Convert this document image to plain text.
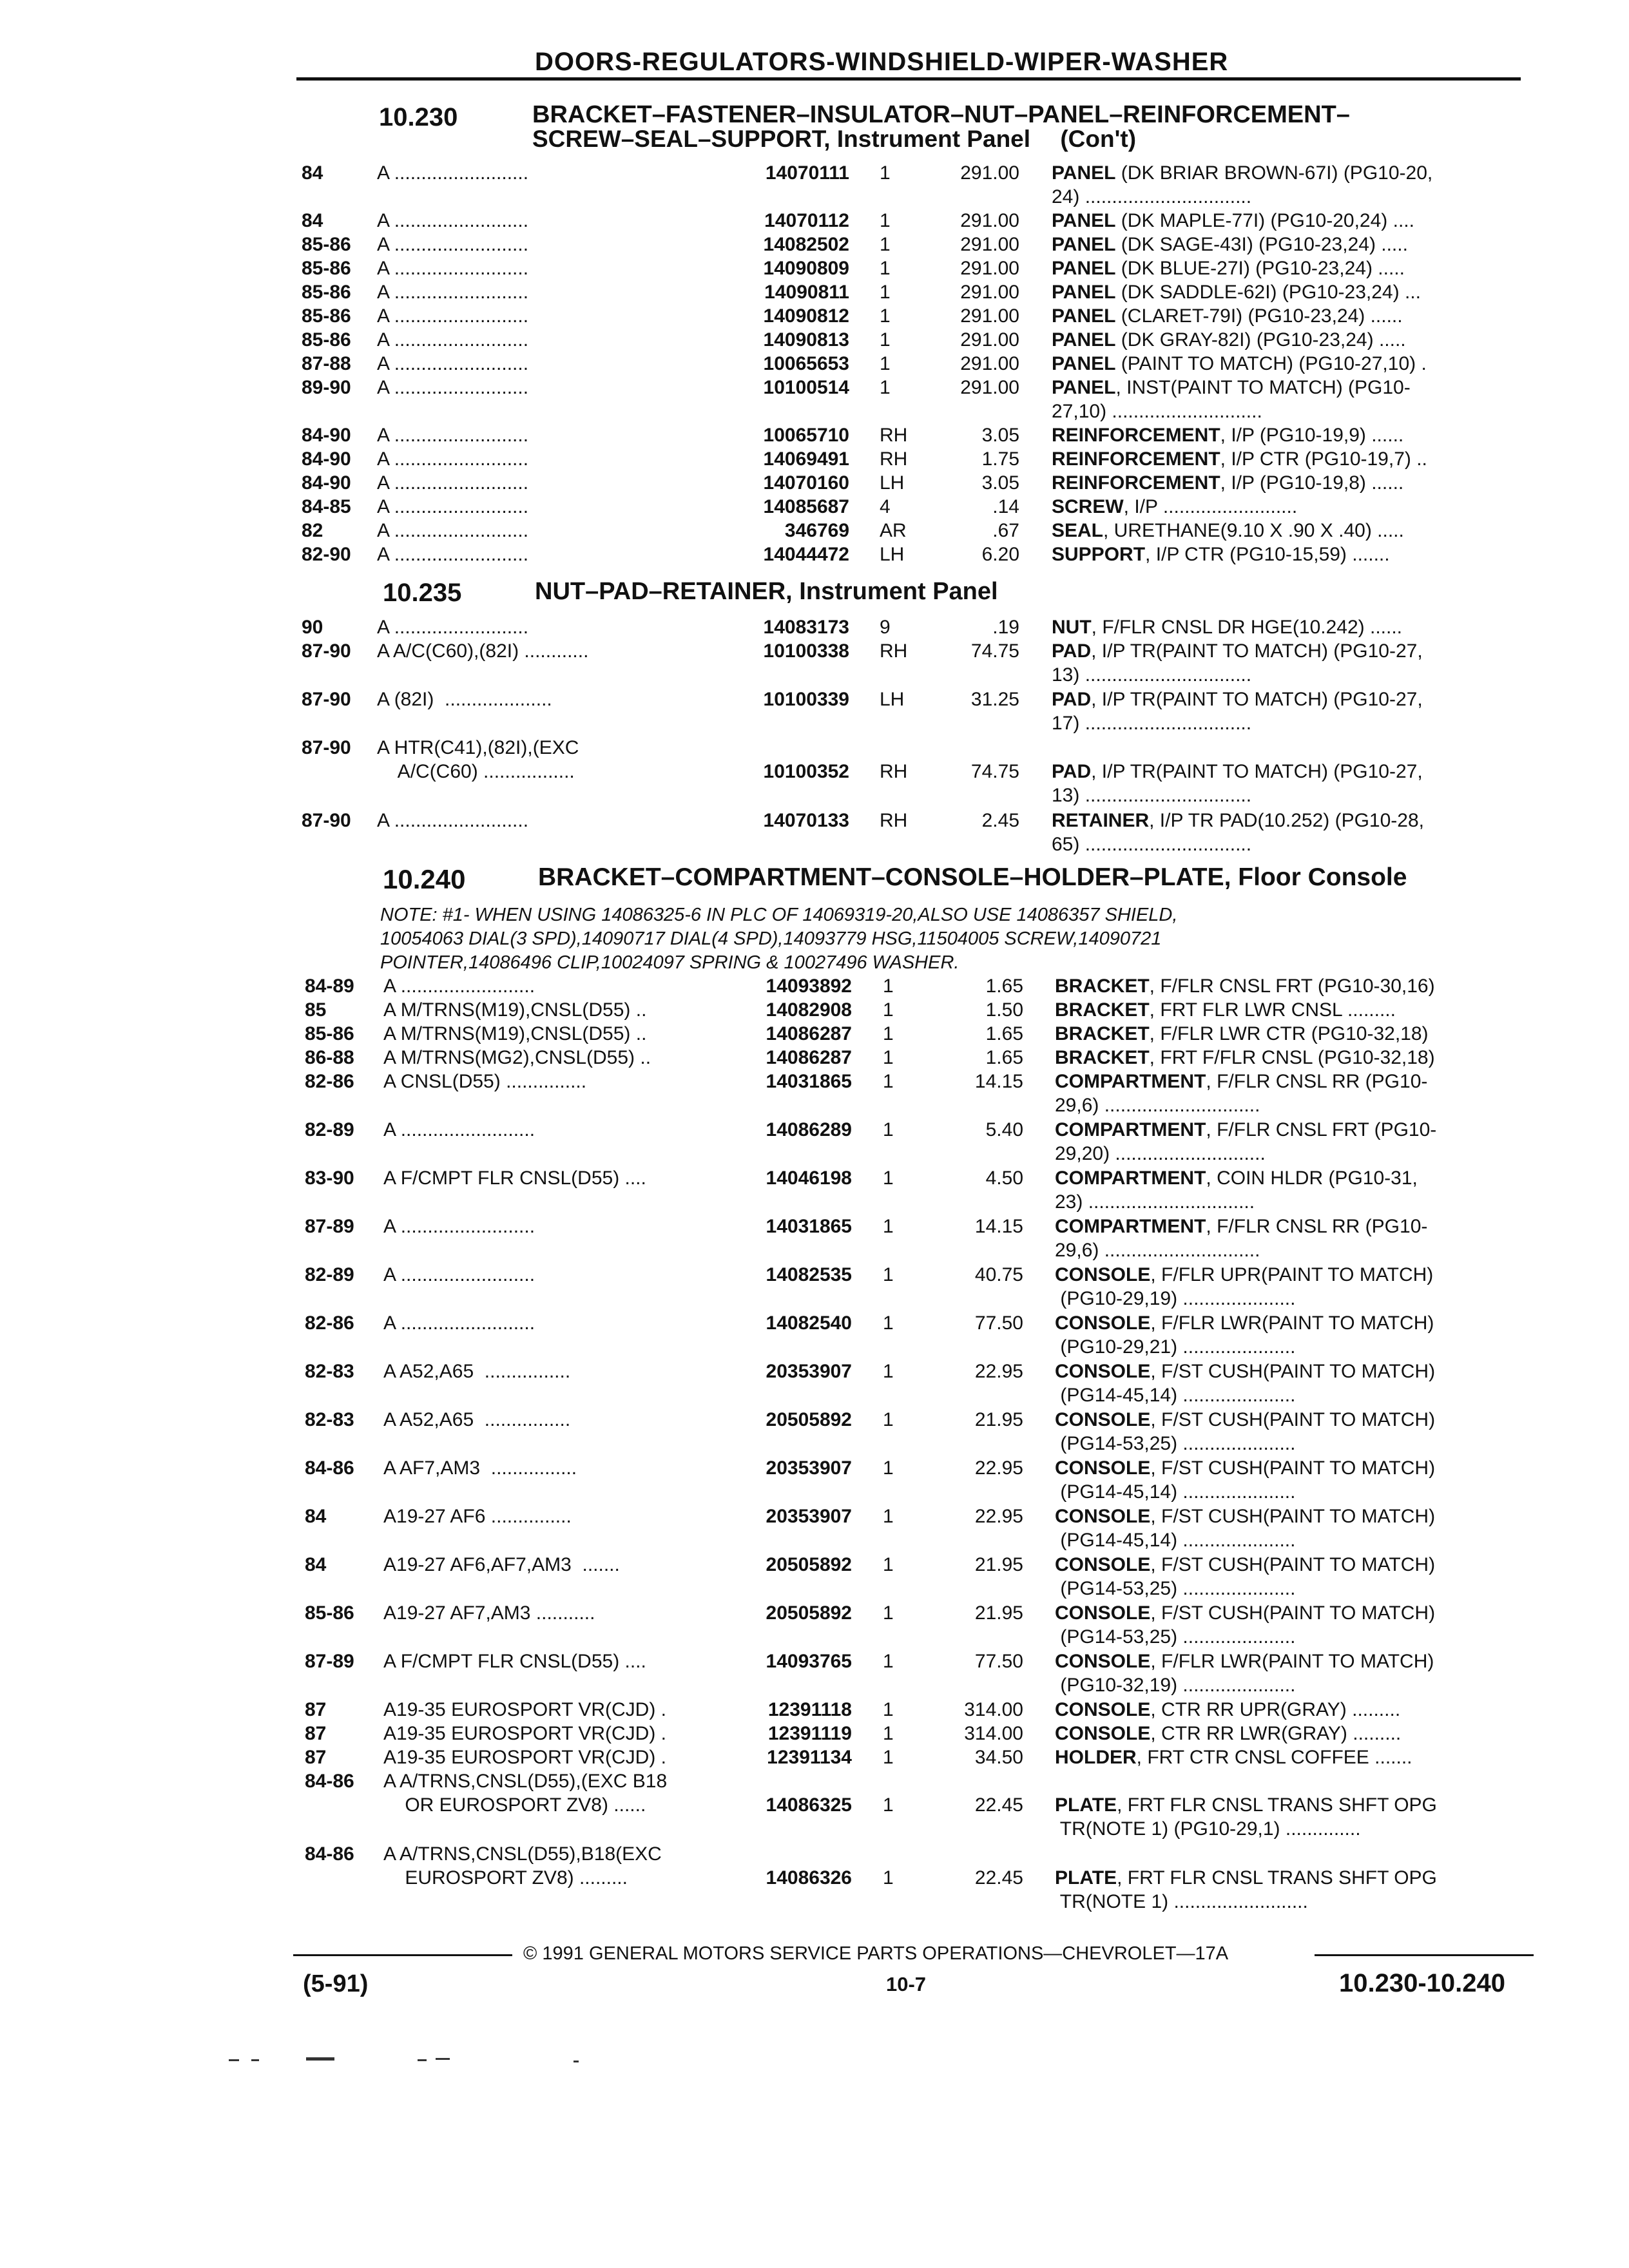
DOORS-REGULATORS-WINDSHIELD-WIPER-WASHER
10.230	BRACKET–FASTENER–INSULATOR–NUT–PANEL–REINFORCEMENT–
SCREW–SEAL–SUPPORT, Instrument Panel (Con't)
10.235	NUT–PAD–RETAINER, Instrument Panel
10.240	BRACKET–COMPARTMENT–CONSOLE–HOLDER–PLATE, Floor Console
NOTE: #1- WHEN USING 14086325-6 IN PLC OF 14069319-20,ALSO USE 14086357 SHIELD,
10054063 DIAL(3 SPD),14090717 DIAL(4 SPD),14093779 HSG,11504005 SCREW,14090721
POINTER,14086496 CLIP,10024097 SPRING & 10027496 WASHER.
84	A .........................	14070111 1	291.00 PANEL (DK BRIAR BROWN-67I) (PG10-20,
24) ...............................
84	A .........................	14070112 1	291.00 PANEL (DK MAPLE-77I) (PG10-20,24) ....
85-86 A .........................	14082502 1	291.00 PANEL (DK SAGE-43I) (PG10-23,24) .....
85-86 A .........................	14090809 1	291.00 PANEL (DK BLUE-27I) (PG10-23,24) .....
85-86 A .........................	14090811 1	291.00 PANEL (DK SADDLE-62I) (PG10-23,24) ...
85-86 A .........................	14090812 1	291.00 PANEL (CLARET-79I) (PG10-23,24) ......
85-86 A .........................	14090813 1	291.00 PANEL (DK GRAY-82I) (PG10-23,24) .....
87-88 A .........................	10065653 1	291.00 PANEL (PAINT TO MATCH) (PG10-27,10) .
89-90 A .........................	10100514 1	291.00 PANEL, INST(PAINT TO MATCH) (PG10-
27,10) ............................
84-90 A .........................	10065710 RH	3.05 REINFORCEMENT, I/P (PG10-19,9) ......
84-90 A .........................	14069491 RH	1.75 REINFORCEMENT, I/P CTR (PG10-19,7) ..
84-90 A .........................	14070160 LH	3.05 REINFORCEMENT, I/P (PG10-19,8) ......
84-85 A .........................	14085687 4	.14 SCREW, I/P .........................
82	A .........................	346769 AR	.67 SEAL, URETHANE(9.10 X .90 X .40) .....
82-90 A .........................	14044472 LH	6.20 SUPPORT, I/P CTR (PG10-15,59) .......
90	A .........................	14083173 9	.19 NUT, F/FLR CNSL DR HGE(10.242) ......
87-90 A A/C(C60),(82I) ............	10100338 RH	74.75 PAD, I/P TR(PAINT TO MATCH) (PG10-27,
13) ...............................
87-90 A (82I)  ....................	10100339 LH	31.25 PAD, I/P TR(PAINT TO MATCH) (PG10-27,
17) ...............................
87-90 A HTR(C41),(82I),(EXC
A/C(C60) .................	10100352 RH	74.75 PAD, I/P TR(PAINT TO MATCH) (PG10-27,
13) ...............................
87-90 A .........................	14070133 RH	2.45 RETAINER, I/P TR PAD(10.252) (PG10-28,
65) ...............................
84-89 A .........................	14093892 1	1.65 BRACKET, F/FLR CNSL FRT (PG10-30,16)
85	A M/TRNS(M19),CNSL(D55) ..	14082908 1	1.50 BRACKET, FRT FLR LWR CNSL .........
85-86 A M/TRNS(M19),CNSL(D55) ..	14086287 1	1.65 BRACKET, F/FLR LWR CTR (PG10-32,18)
86-88 A M/TRNS(MG2),CNSL(D55) ..	14086287 1	1.65 BRACKET, FRT F/FLR CNSL (PG10-32,18)
82-86 A CNSL(D55) ...............	14031865 1	14.15 COMPARTMENT, F/FLR CNSL RR (PG10-
29,6) .............................
82-89 A .........................	14086289 1	5.40 COMPARTMENT, F/FLR CNSL FRT (PG10-
29,20) ............................
83-90 A F/CMPT FLR CNSL(D55) ....	14046198 1	4.50 COMPARTMENT, COIN HLDR (PG10-31,
23) ...............................
87-89 A .........................	14031865 1	14.15 COMPARTMENT, F/FLR CNSL RR (PG10-
29,6) .............................
82-89 A .........................	14082535 1	40.75 CONSOLE, F/FLR UPR(PAINT TO MATCH)
(PG10-29,19) .....................
82-86 A .........................	14082540 1	77.50 CONSOLE, F/FLR LWR(PAINT TO MATCH)
(PG10-29,21) .....................
82-83 A A52,A65  ................	20353907 1	22.95 CONSOLE, F/ST CUSH(PAINT TO MATCH)
(PG14-45,14) .....................
82-83 A A52,A65  ................	20505892 1	21.95 CONSOLE, F/ST CUSH(PAINT TO MATCH)
(PG14-53,25) .....................
84-86 A AF7,AM3  ................	20353907 1	22.95 CONSOLE, F/ST CUSH(PAINT TO MATCH)
(PG14-45,14) .....................
84	A19-27 AF6 ...............	20353907 1	22.95 CONSOLE, F/ST CUSH(PAINT TO MATCH)
(PG14-45,14) .....................
84	A19-27 AF6,AF7,AM3  .......	20505892 1	21.95 CONSOLE, F/ST CUSH(PAINT TO MATCH)
(PG14-53,25) .....................
85-86 A19-27 AF7,AM3 ...........	20505892 1	21.95 CONSOLE, F/ST CUSH(PAINT TO MATCH)
(PG14-53,25) .....................
87-89 A F/CMPT FLR CNSL(D55) ....	14093765 1	77.50 CONSOLE, F/FLR LWR(PAINT TO MATCH)
(PG10-32,19) .....................
87	A19-35 EUROSPORT VR(CJD) .	12391118 1	314.00 CONSOLE, CTR RR UPR(GRAY) .........
87	A19-35 EUROSPORT VR(CJD) .	12391119 1	314.00 CONSOLE, CTR RR LWR(GRAY) .........
87	A19-35 EUROSPORT VR(CJD) .	12391134 1	34.50 HOLDER, FRT CTR CNSL COFFEE .......
84-86 A A/TRNS,CNSL(D55),(EXC B18
OR EUROSPORT ZV8) ......	14086325 1	22.45 PLATE, FRT FLR CNSL TRANS SHFT OPG
TR(NOTE 1) (PG10-29,1) ..............
84-86 A A/TRNS,CNSL(D55),B18(EXC
EUROSPORT ZV8) .........	14086326 1	22.45 PLATE, FRT FLR CNSL TRANS SHFT OPG
TR(NOTE 1) .........................
© 1991 GENERAL MOTORS SERVICE PARTS OPERATIONS—CHEVROLET—17A
(5-91)	10-7	10.230-10.240
